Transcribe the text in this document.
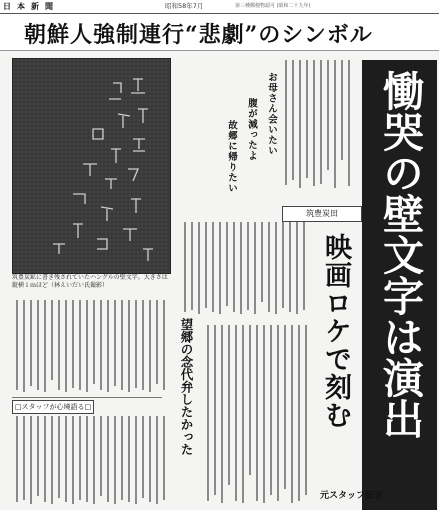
日本新聞	昭和58年7月	第三種郵便物認可 (昭和二十九年)
朝鮮人強制連行“悲劇”のシンボル
筑豊炭鉱に書き残されていたハングルの壁文字。大きさは縦横１ｍほど（林えいだい氏撮影）
お母さん会いたい
腹が減ったよ
故郷に帰りたい
筑豊炭田 慟哭の壁文字は演出
映画ロケで刻む
望郷の念代弁したかった
□スタッフが心境語る□
元スタッフ証言
